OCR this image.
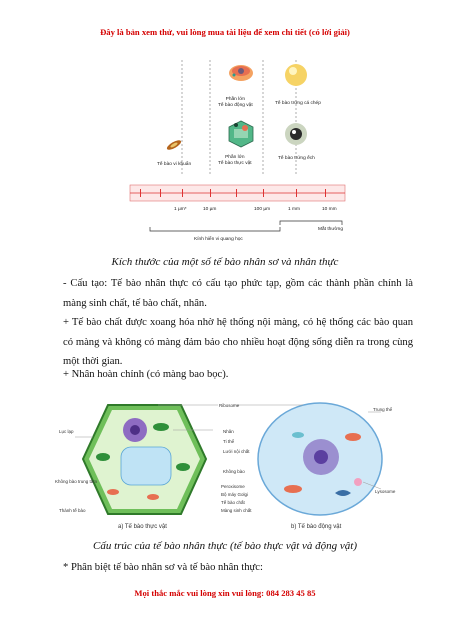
Đây là bản xem thử, vui lòng mua tài liệu để xem chi tiết (có lời giải)
Tế bào vi khuẩn
Phần lớn
Tế bào động vật
Phần lớn
Tế bào thực vật
Tế bào trứng cá chép
Tế bào trứng ếch
1 µm*	10 µm	100 µm	1 mm	10 mm
Mắt thường
Kính hiển vi quang học
Kích thước của một số tế bào nhân sơ và nhân thực
- Cấu tạo: Tế bào nhân thực có cấu tạo phức tạp, gồm các thành phần chính là màng sinh chất, tế bào chất, nhân.
+ Tế bào chất được xoang hóa nhờ hệ thống nội màng, có hệ thống các bào quan có màng và không có màng đảm bảo cho nhiều hoạt động sống diễn ra trong cùng một thời gian.
+ Nhân hoàn chỉnh (có màng bao bọc).
Ribosome
Lục lạp
Không bào trung tâm
Thành tế bào
Nhân
Ti thể
Lưới nội chất
Không bào
Peroxisome
Bộ máy Golgi
Tế bào chất
Màng sinh chất
Trung thể
Lysosome
a) Tế bào thực vật	b) Tế bào động vật
Cấu trúc của tế bào nhân thực (tế bào thực vật và động vật)
* Phân biệt tế bào nhân sơ và tế bào nhân thực:
Mọi thắc mắc vui lòng xin vui lòng: 084 283 45 85
